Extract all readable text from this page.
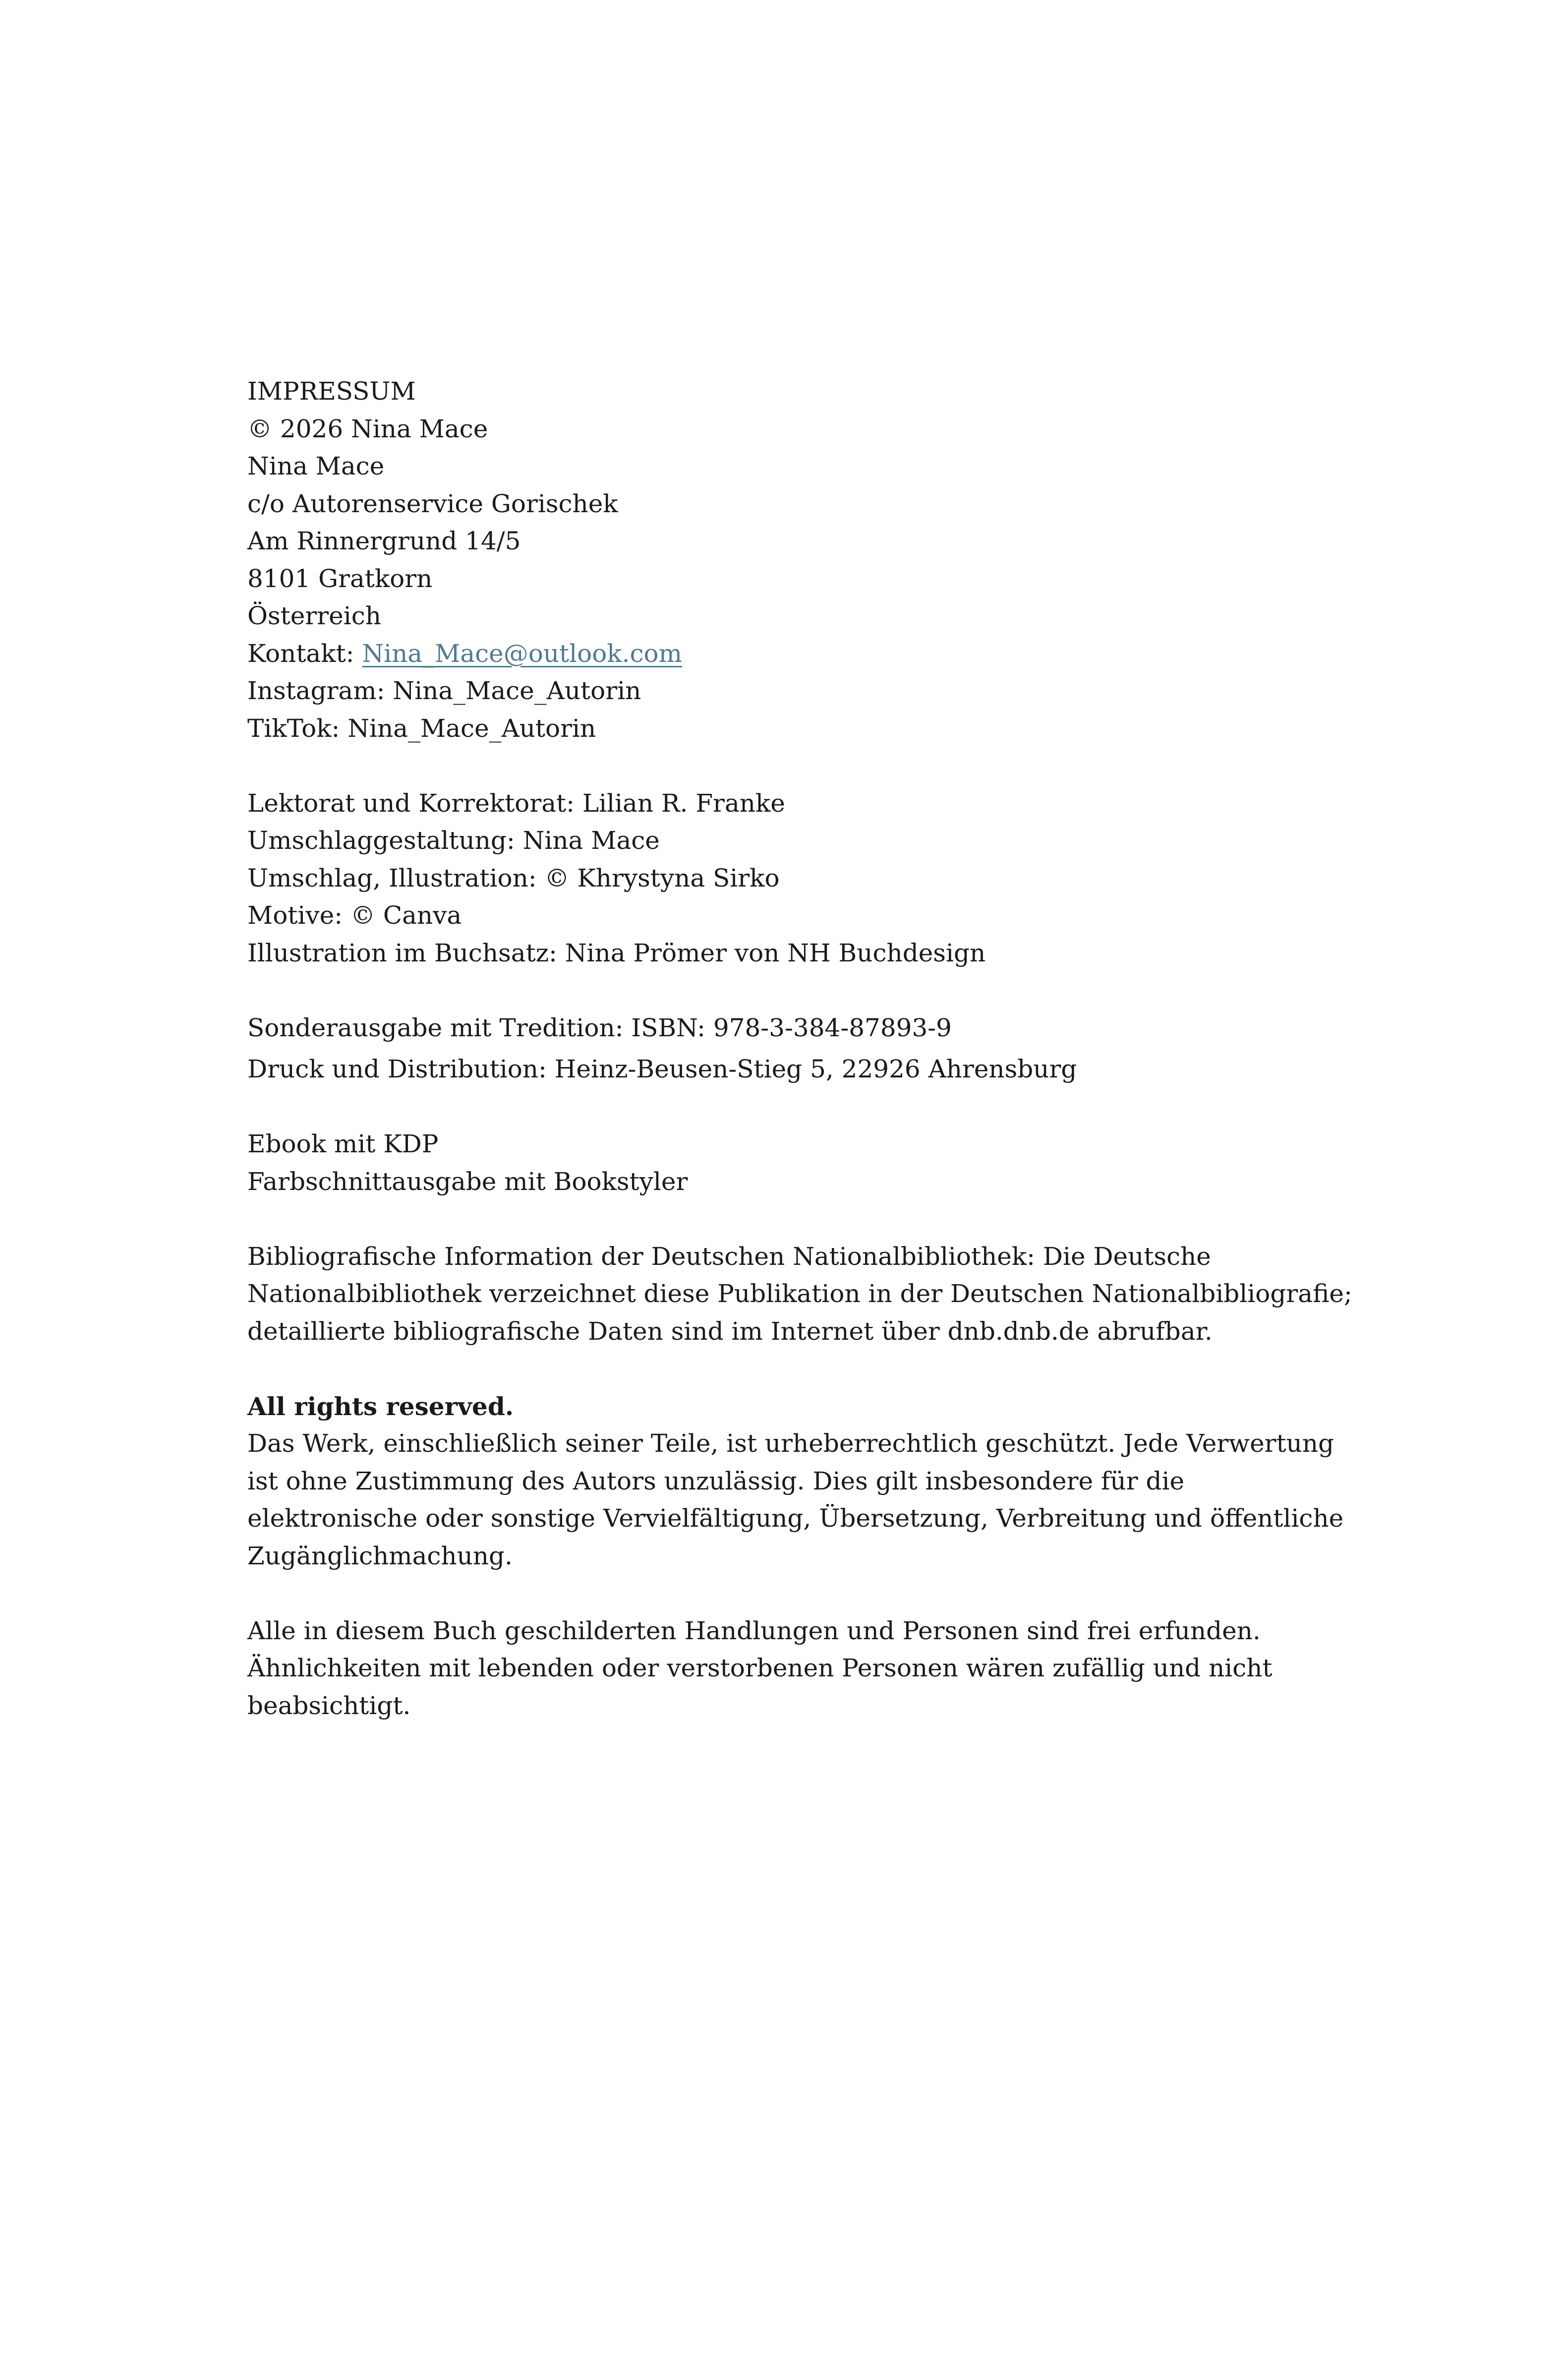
IMPRESSUM
© 2026 Nina Mace
Nina Mace
c/o Autorenservice Gorischek
Am Rinnergrund 14/5
8101 Gratkorn
Österreich
Kontakt: Nina_Mace@outlook.com
Instagram: Nina_Mace_Autorin
TikTok: Nina_Mace_Autorin
Lektorat und Korrektorat: Lilian R. Franke
Umschlaggestaltung: Nina Mace
Umschlag, Illustration: © Khrystyna Sirko
Motive: © Canva
Illustration im Buchsatz: Nina Prömer von NH Buchdesign
Sonderausgabe mit Tredition: ISBN: 978-3-384-87893-9
Druck und Distribution: Heinz-Beusen-Stieg 5, 22926 Ahrensburg
Ebook mit KDP
Farbschnittausgabe mit Bookstyler
Bibliografische Information der Deutschen Nationalbibliothek: Die Deutsche Nationalbibliothek verzeichnet diese Publikation in der Deutschen Nationalbibliografie; detaillierte bibliografische Daten sind im Internet über dnb.dnb.de abrufbar.
All rights reserved.
Das Werk, einschließlich seiner Teile, ist urheberrechtlich geschützt. Jede Verwertung ist ohne Zustimmung des Autors unzulässig. Dies gilt insbesondere für die elektronische oder sonstige Vervielfältigung, Übersetzung, Verbreitung und öffentliche Zugänglichmachung.
Alle in diesem Buch geschilderten Handlungen und Personen sind frei erfunden. Ähnlichkeiten mit lebenden oder verstorbenen Personen wären zufällig und nicht beabsichtigt.
